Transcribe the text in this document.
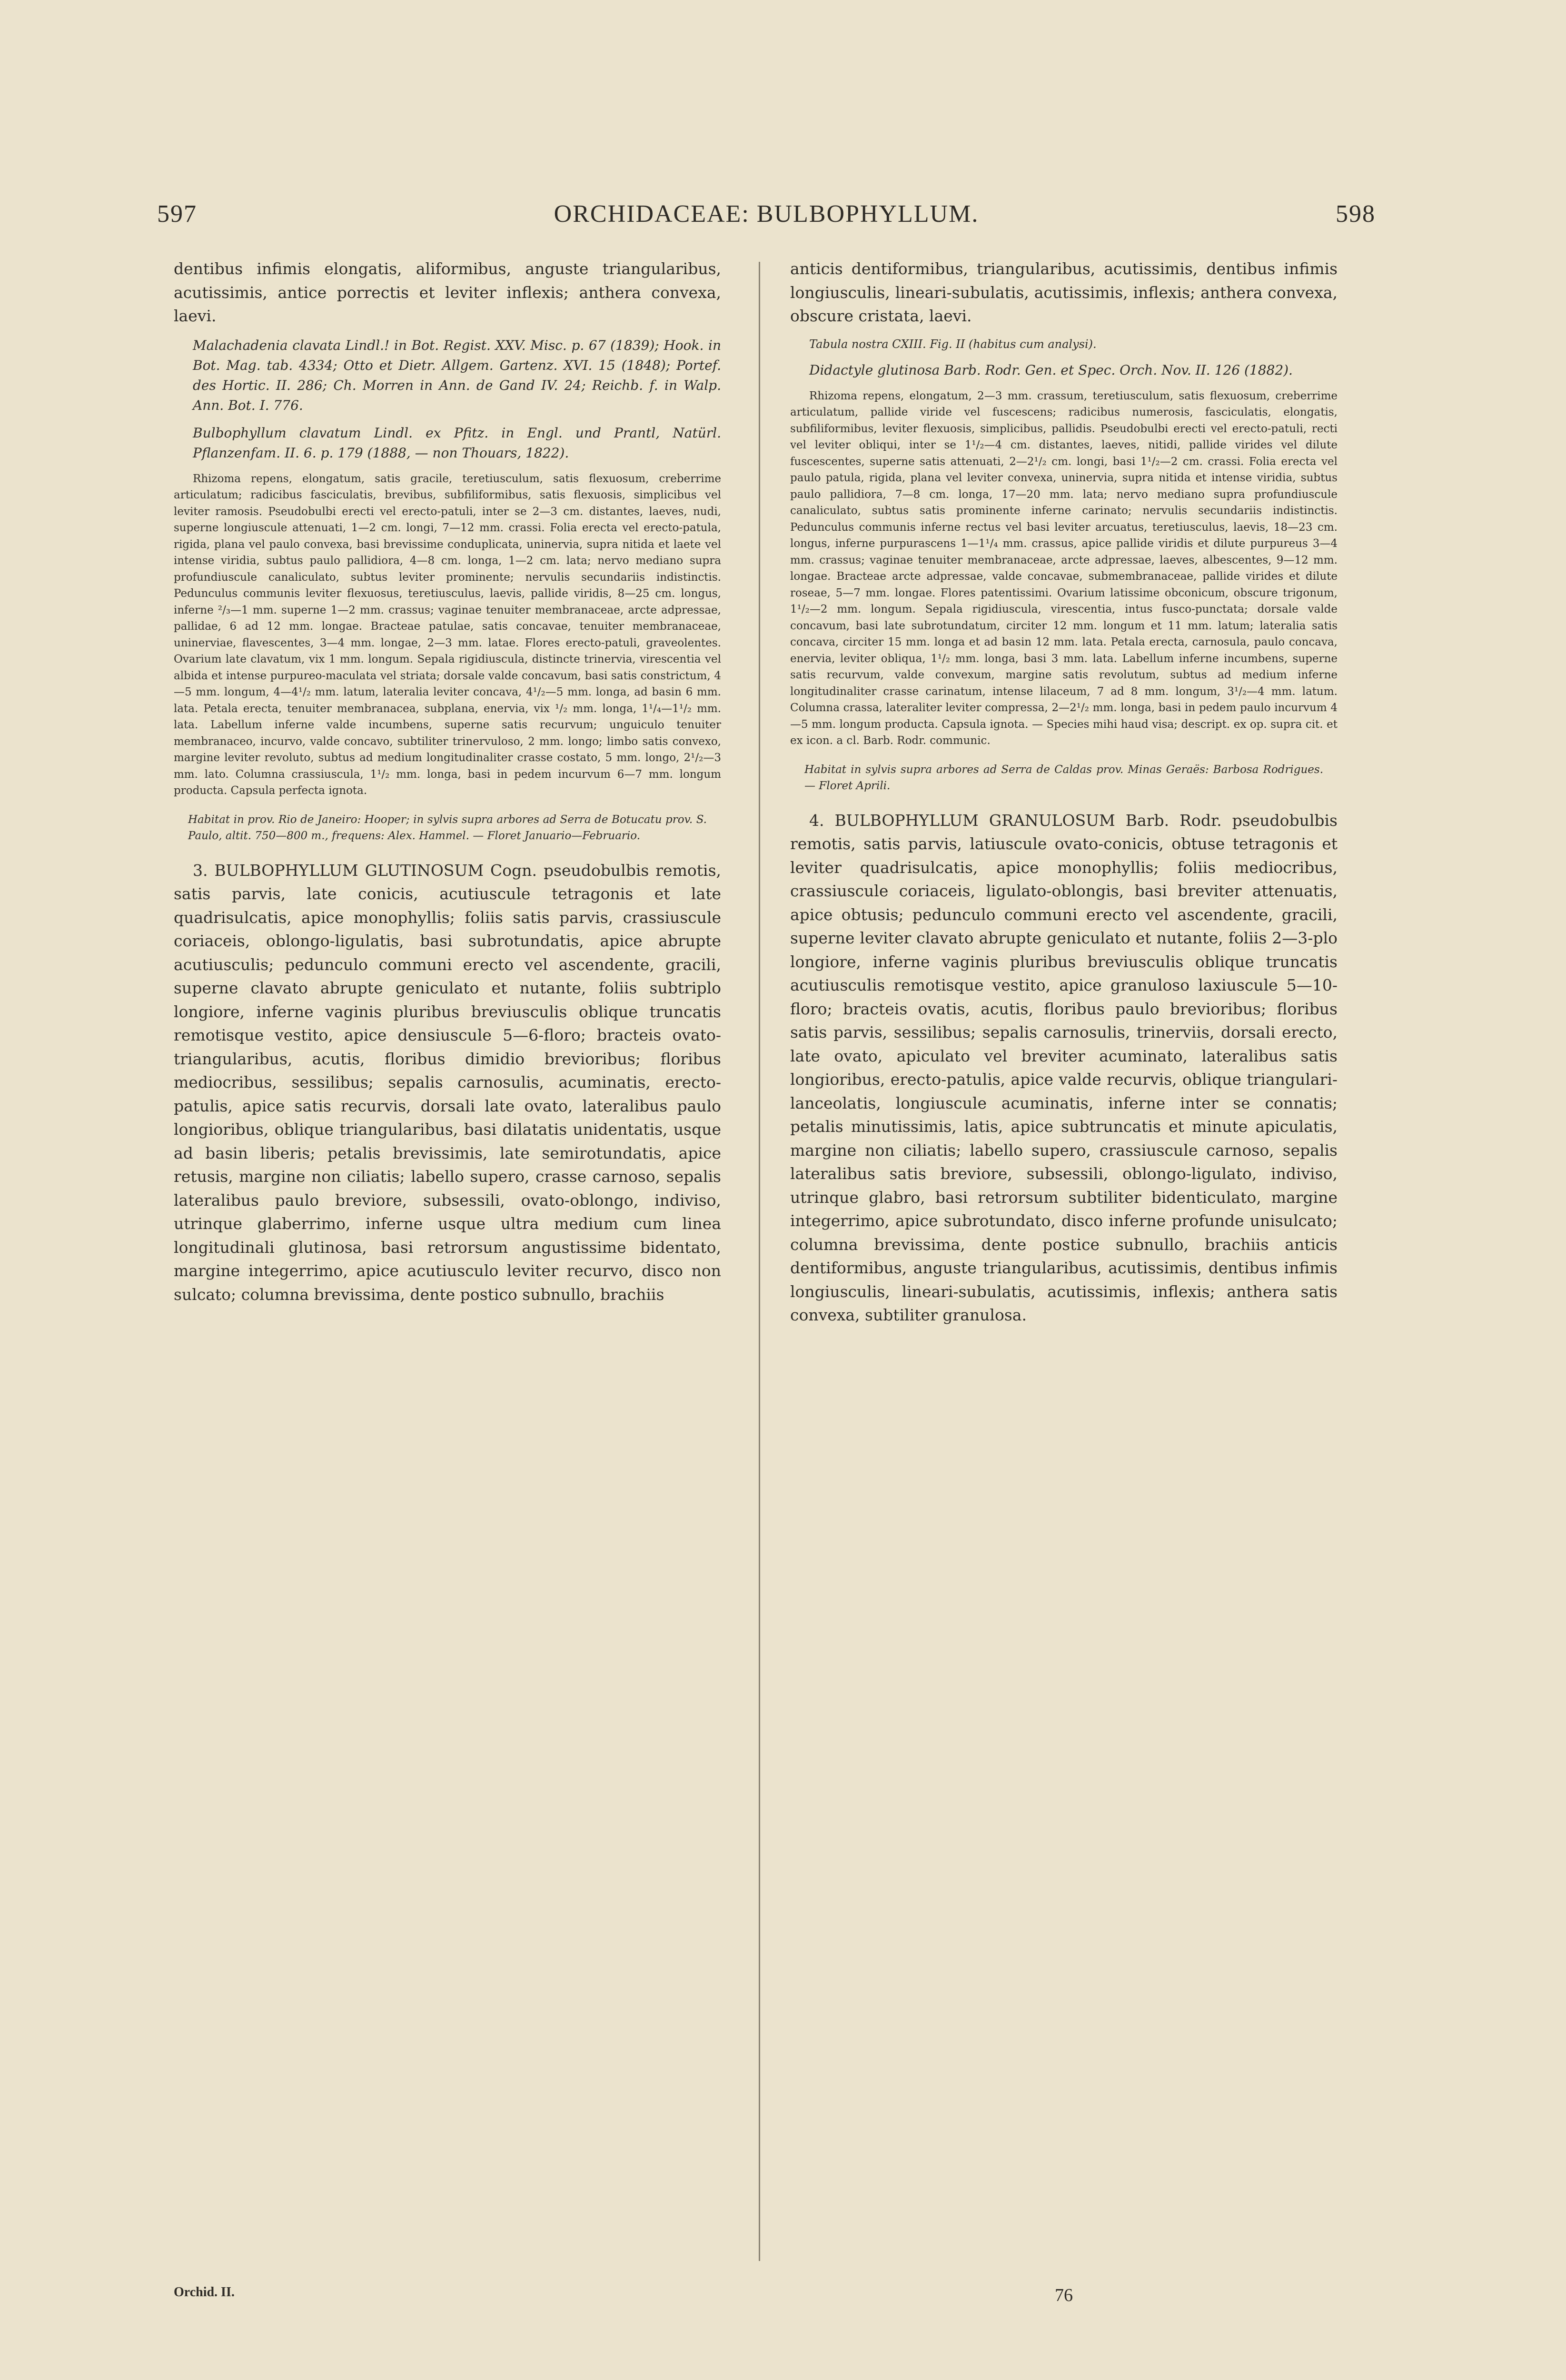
597	ORCHIDACEAE: BULBOPHYLLUM.	598

dentibus infimis elongatis, aliformibus, anguste triangularibus, acutissimis, antice porrectis et leviter inflexis; anthera convexa, laevi.

Malachadenia clavata Lindl.! in Bot. Regist. XXV. Misc. p. 67 (1839); Hook. in Bot. Mag. tab. 4334; Otto et Dietr. Allgem. Gartenz. XVI. 15 (1848); Portef. des Hortic. II. 286; Ch. Morren in Ann. de Gand IV. 24; Reichb. f. in Walp. Ann. Bot. I. 776.

Bulbophyllum clavatum Lindl. ex Pfitz. in Engl. und Prantl, Natürl. Pflanzenfam. II. 6. p. 179 (1888, — non Thouars, 1822).

Rhizoma repens, elongatum, satis gracile, teretiusculum, satis flexuosum, creberrime articulatum; radicibus fasciculatis, brevibus, subfiliformibus, satis flexuosis, simplicibus vel leviter ramosis. Pseudobulbi erecti vel erecto-patuli, inter se 2—3 cm. distantes, laeves, nudi, superne longiuscule attenuati, 1—2 cm. longi, 7—12 mm. crassi. Folia erecta vel erecto-patula, rigida, plana vel paulo convexa, basi brevissime conduplicata, uninervia, supra nitida et laete vel intense viridia, subtus paulo pallidiora, 4—8 cm. longa, 1—2 cm. lata; nervo mediano supra profundiuscule canaliculato, subtus leviter prominente; nervulis secundariis indistinctis. Pedunculus communis leviter flexuosus, teretiusculus, laevis, pallide viridis, 8—25 cm. longus, inferne ²/₃—1 mm. superne 1—2 mm. crassus; vaginae tenuiter membranaceae, arcte adpressae, pallidae, 6 ad 12 mm. longae. Bracteae patulae, satis concavae, tenuiter membranaceae, uninerviae, flavescentes, 3—4 mm. longae, 2—3 mm. latae. Flores erecto-patuli, graveolentes. Ovarium late clavatum, vix 1 mm. longum. Sepala rigidiuscula, distincte trinervia, virescentia vel albida et intense purpureo-maculata vel striata; dorsale valde concavum, basi satis constrictum, 4—5 mm. longum, 4—4¹/₂ mm. latum, lateralia leviter concava, 4¹/₂—5 mm. longa, ad basin 6 mm. lata. Petala erecta, tenuiter membranacea, subplana, enervia, vix ¹/₂ mm. longa, 1¹/₄—1¹/₂ mm. lata. Labellum inferne valde incumbens, superne satis recurvum; unguiculo tenuiter membranaceo, incurvo, valde concavo, subtiliter trinervuloso, 2 mm. longo; limbo satis convexo, margine leviter revoluto, subtus ad medium longitudinaliter crasse costato, 5 mm. longo, 2¹/₂—3 mm. lato. Columna crassiuscula, 1¹/₂ mm. longa, basi in pedem incurvum 6—7 mm. longum producta. Capsula perfecta ignota.

Habitat in prov. Rio de Janeiro: Hooper; in sylvis supra arbores ad Serra de Botucatu prov. S. Paulo, altit. 750—800 m., frequens: Alex. Hammel. — Floret Januario—Februario.

3. BULBOPHYLLUM GLUTINOSUM Cogn. pseudobulbis remotis, satis parvis, late conicis, acutiuscule tetragonis et late quadrisulcatis, apice monophyllis; foliis satis parvis, crassiuscule coriaceis, oblongo-ligulatis, basi subrotundatis, apice abrupte acutiusculis; pedunculo communi erecto vel ascendente, gracili, superne clavato abrupte geniculato et nutante, foliis subtriplo longiore, inferne vaginis pluribus breviusculis oblique truncatis remotisque vestito, apice densiuscule 5—6-floro; bracteis ovato-triangularibus, acutis, floribus dimidio brevioribus; floribus mediocribus, sessilibus; sepalis carnosulis, acuminatis, erecto-patulis, apice satis recurvis, dorsali late ovato, lateralibus paulo longioribus, oblique triangularibus, basi dilatatis unidentatis, usque ad basin liberis; petalis brevissimis, late semirotundatis, apice retusis, margine non ciliatis; labello supero, crasse carnoso, sepalis lateralibus paulo breviore, subsessili, ovato-oblongo, indiviso, utrinque glaberrimo, inferne usque ultra medium cum linea longitudinali glutinosa, basi retrorsum angustissime bidentato, margine integerrimo, apice acutiusculo leviter recurvo, disco non sulcato; columna brevissima, dente postico subnullo, brachiis

anticis dentiformibus, triangularibus, acutissimis, dentibus infimis longiusculis, lineari-subulatis, acutissimis, inflexis; anthera convexa, obscure cristata, laevi.

Tabula nostra CXIII. Fig. II (habitus cum analysi).

Didactyle glutinosa Barb. Rodr. Gen. et Spec. Orch. Nov. II. 126 (1882).

Rhizoma repens, elongatum, 2—3 mm. crassum, teretiusculum, satis flexuosum, creberrime articulatum, pallide viride vel fuscescens; radicibus numerosis, fasciculatis, elongatis, subfiliformibus, leviter flexuosis, simplicibus, pallidis. Pseudobulbi erecti vel erecto-patuli, recti vel leviter obliqui, inter se 1¹/₂—4 cm. distantes, laeves, nitidi, pallide virides vel dilute fuscescentes, superne satis attenuati, 2—2¹/₂ cm. longi, basi 1¹/₂—2 cm. crassi. Folia erecta vel paulo patula, rigida, plana vel leviter convexa, uninervia, supra nitida et intense viridia, subtus paulo pallidiora, 7—8 cm. longa, 17—20 mm. lata; nervo mediano supra profundiuscule canaliculato, subtus satis prominente inferne carinato; nervulis secundariis indistinctis. Pedunculus communis inferne rectus vel basi leviter arcuatus, teretiusculus, laevis, 18—23 cm. longus, inferne purpurascens 1—1¹/₄ mm. crassus, apice pallide viridis et dilute purpureus 3—4 mm. crassus; vaginae tenuiter membranaceae, arcte adpressae, laeves, albescentes, 9—12 mm. longae. Bracteae arcte adpressae, valde concavae, submembranaceae, pallide virides et dilute roseae, 5—7 mm. longae. Flores patentissimi. Ovarium latissime obconicum, obscure trigonum, 1¹/₂—2 mm. longum. Sepala rigidiuscula, virescentia, intus fusco-punctata; dorsale valde concavum, basi late subrotundatum, circiter 12 mm. longum et 11 mm. latum; lateralia satis concava, circiter 15 mm. longa et ad basin 12 mm. lata. Petala erecta, carnosula, paulo concava, enervia, leviter obliqua, 1¹/₂ mm. longa, basi 3 mm. lata. Labellum inferne incumbens, superne satis recurvum, valde convexum, margine satis revolutum, subtus ad medium inferne longitudinaliter crasse carinatum, intense lilaceum, 7 ad 8 mm. longum, 3¹/₂—4 mm. latum. Columna crassa, lateraliter leviter compressa, 2—2¹/₂ mm. longa, basi in pedem paulo incurvum 4—5 mm. longum producta. Capsula ignota. — Species mihi haud visa; descript. ex op. supra cit. et ex icon. a cl. Barb. Rodr. communic.

Habitat in sylvis supra arbores ad Serra de Caldas prov. Minas Geraës: Barbosa Rodrigues. — Floret Aprili.

4. BULBOPHYLLUM GRANULOSUM Barb. Rodr. pseudobulbis remotis, satis parvis, latiuscule ovato-conicis, obtuse tetragonis et leviter quadrisulcatis, apice monophyllis; foliis mediocribus, crassiuscule coriaceis, ligulato-oblongis, basi breviter attenuatis, apice obtusis; pedunculo communi erecto vel ascendente, gracili, superne leviter clavato abrupte geniculato et nutante, foliis 2—3-plo longiore, inferne vaginis pluribus breviusculis oblique truncatis acutiusculis remotisque vestito, apice granuloso laxiuscule 5—10-floro; bracteis ovatis, acutis, floribus paulo brevioribus; floribus satis parvis, sessilibus; sepalis carnosulis, trinerviis, dorsali erecto, late ovato, apiculato vel breviter acuminato, lateralibus satis longioribus, erecto-patulis, apice valde recurvis, oblique triangulari-lanceolatis, longiuscule acuminatis, inferne inter se connatis; petalis minutissimis, latis, apice subtruncatis et minute apiculatis, margine non ciliatis; labello supero, crassiuscule carnoso, sepalis lateralibus satis breviore, subsessili, oblongo-ligulato, indiviso, utrinque glabro, basi retrorsum subtiliter bidenticulato, margine integerrimo, apice subrotundato, disco inferne profunde unisulcato; columna brevissima, dente postice subnullo, brachiis anticis dentiformibus, anguste triangularibus, acutissimis, dentibus infimis longiusculis, lineari-subulatis, acutissimis, inflexis; anthera satis convexa, subtiliter granulosa.

Orchid. II.	76
